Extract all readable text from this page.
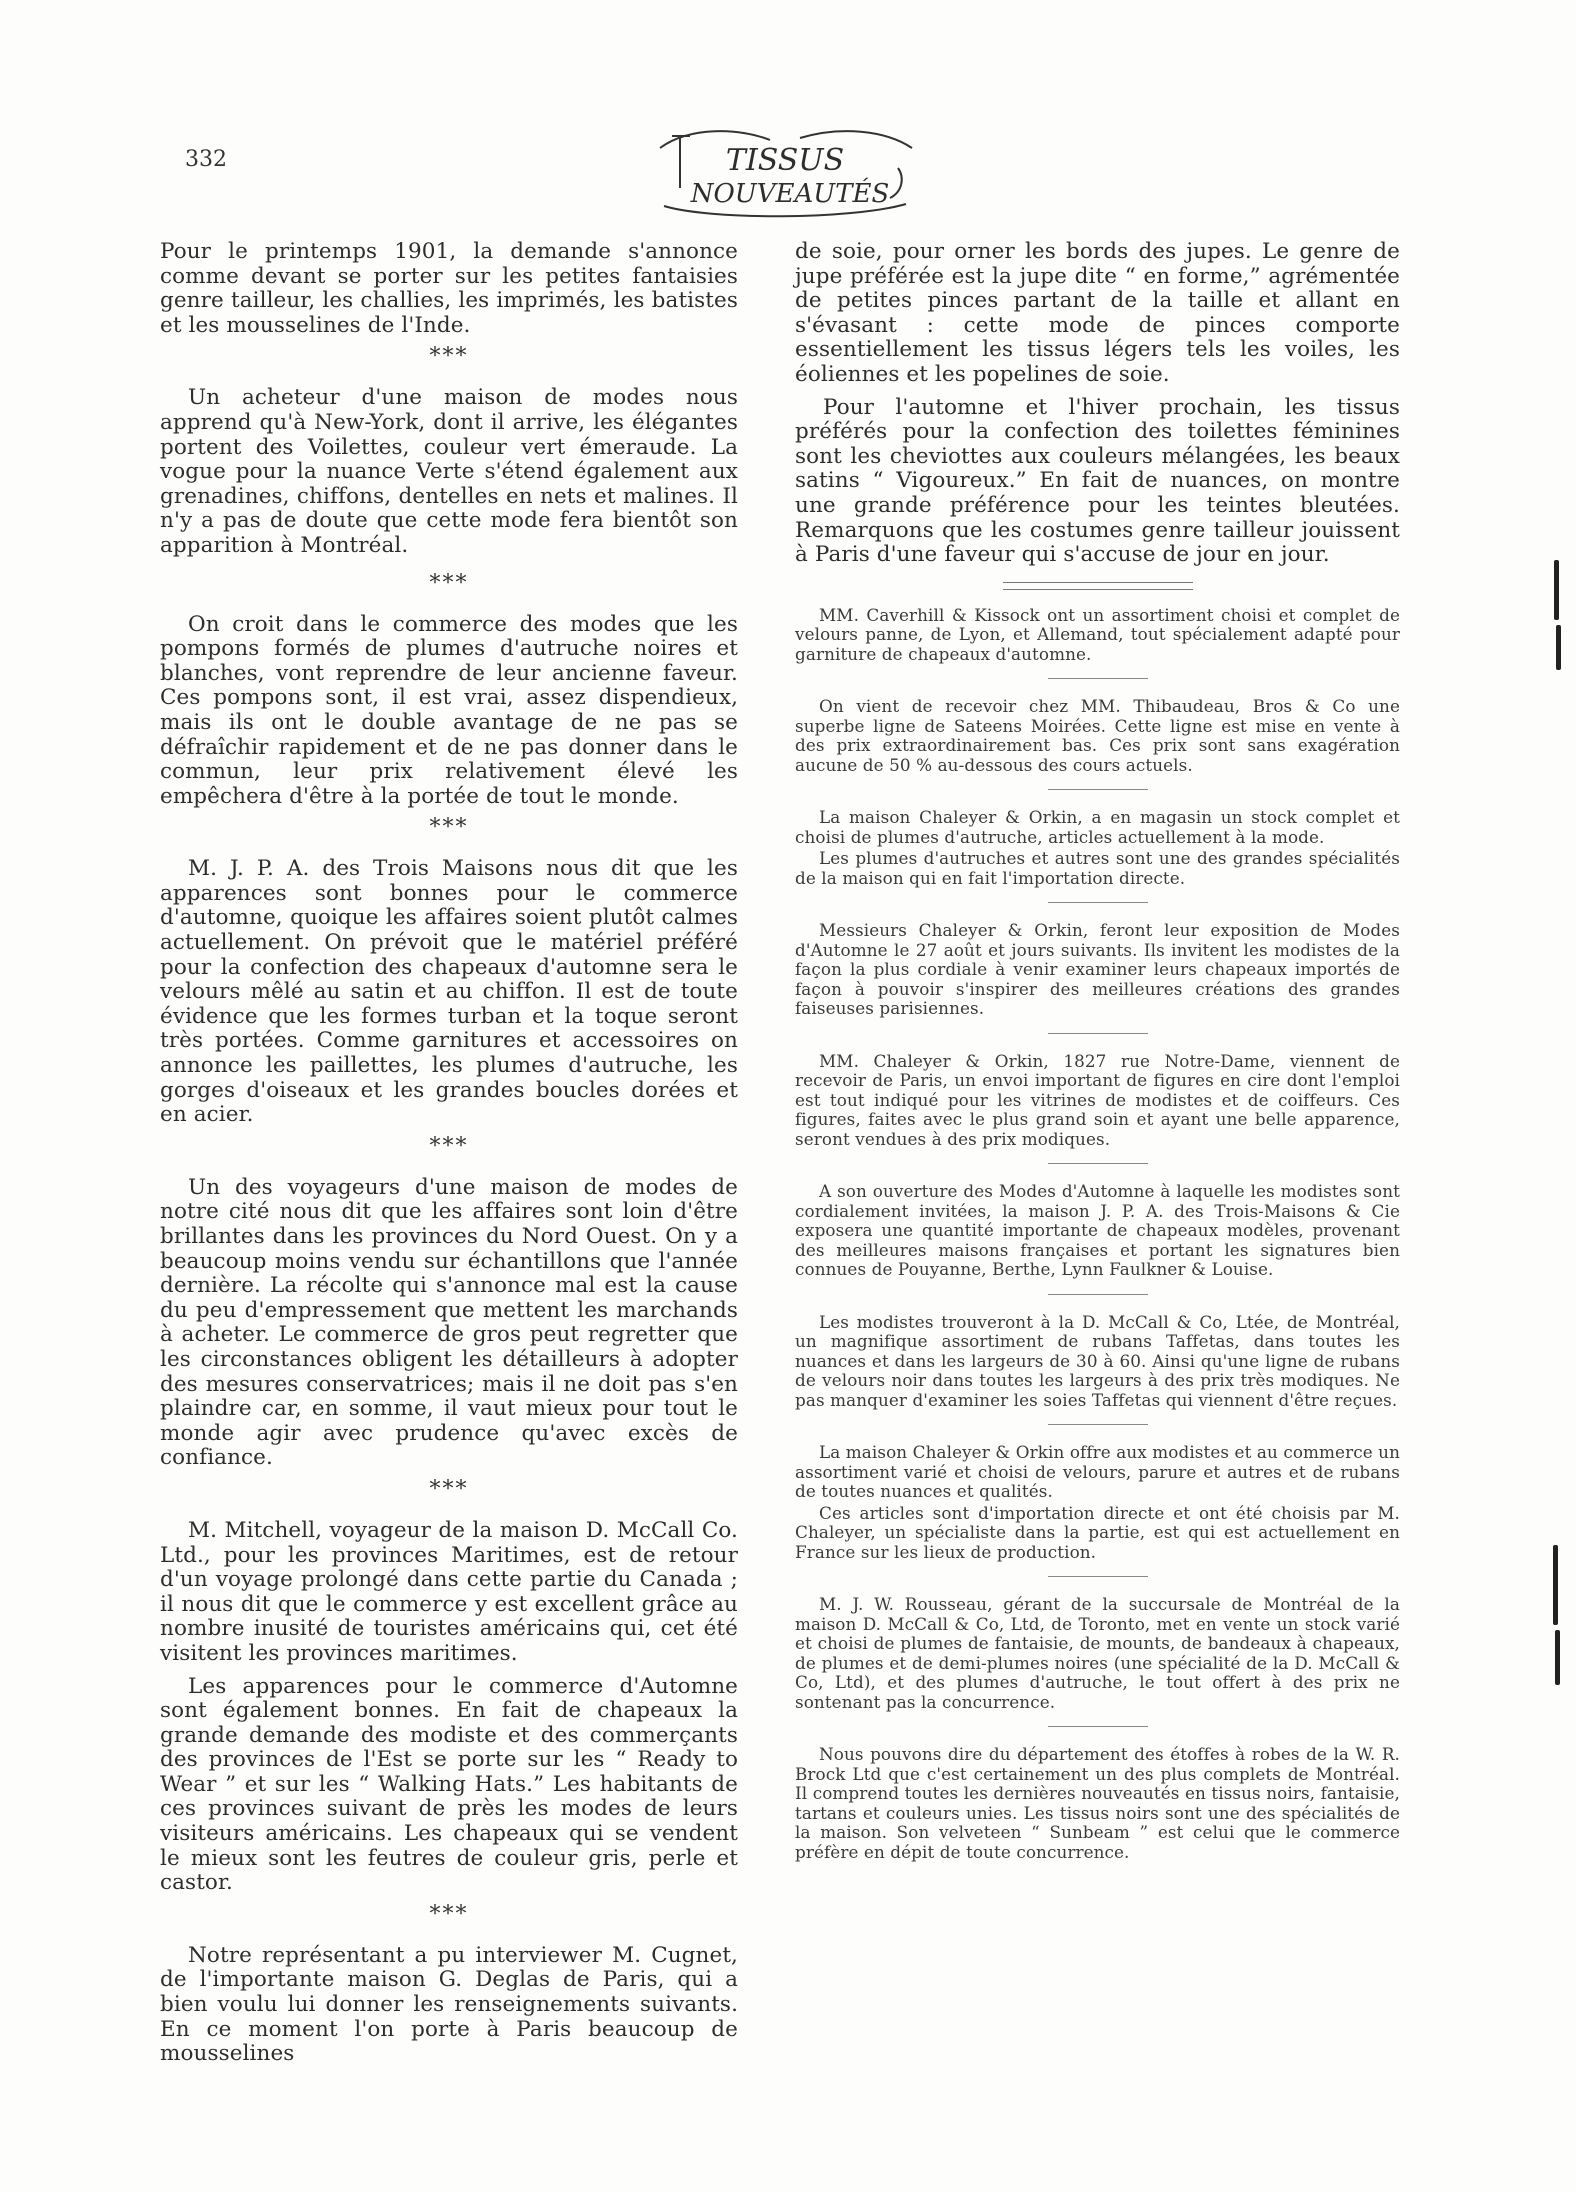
332	TISSUS
NOUVEAUTÉS

Pour le printemps 1901, la demande s'annonce comme devant se porter sur les petites fantaisies genre tailleur, les challies, les imprimés, les batistes et les mousselines de l'Inde.

***

Un acheteur d'une maison de modes nous apprend qu'à New-York, dont il arrive, les élégantes portent des Voilettes, couleur vert émeraude. La vogue pour la nuance Verte s'étend également aux grenadines, chiffons, dentelles en nets et malines. Il n'y a pas de doute que cette mode fera bientôt son apparition à Montréal.

***

On croit dans le commerce des modes que les pompons formés de plumes d'autruche noires et blanches, vont reprendre de leur ancienne faveur. Ces pompons sont, il est vrai, assez dispendieux, mais ils ont le double avantage de ne pas se défraîchir rapidement et de ne pas donner dans le commun, leur prix relativement élevé les empêchera d'être à la portée de tout le monde.

***

M. J. P. A. des Trois Maisons nous dit que les apparences sont bonnes pour le commerce d'automne, quoique les affaires soient plutôt calmes actuellement. On prévoit que le matériel préféré pour la confection des chapeaux d'automne sera le velours mêlé au satin et au chiffon. Il est de toute évidence que les formes turban et la toque seront très portées. Comme garnitures et accessoires on annonce les paillettes, les plumes d'autruche, les gorges d'oiseaux et les grandes boucles dorées et en acier.

***

Un des voyageurs d'une maison de modes de notre cité nous dit que les affaires sont loin d'être brillantes dans les provinces du Nord Ouest. On y a beaucoup moins vendu sur échantillons que l'année dernière. La récolte qui s'annonce mal est la cause du peu d'empressement que mettent les marchands à acheter. Le commerce de gros peut regretter que les circonstances obligent les détailleurs à adopter des mesures conservatrices; mais il ne doit pas s'en plaindre car, en somme, il vaut mieux pour tout le monde agir avec prudence qu'avec excès de confiance.

***

M. Mitchell, voyageur de la maison D. McCall Co. Ltd., pour les provinces Maritimes, est de retour d'un voyage prolongé dans cette partie du Canada ; il nous dit que le commerce y est excellent grâce au nombre inusité de touristes américains qui, cet été visitent les provinces maritimes.

Les apparences pour le commerce d'Automne sont également bonnes. En fait de chapeaux la grande demande des modiste et des commerçants des provinces de l'Est se porte sur les “ Ready to Wear ” et sur les “ Walking Hats.” Les habitants de ces provinces suivant de près les modes de leurs visiteurs américains. Les chapeaux qui se vendent le mieux sont les feutres de couleur gris, perle et castor.

***

Notre représentant a pu interviewer M. Cugnet, de l'importante maison G. Deglas de Paris, qui a bien voulu lui donner les renseignements suivants. En ce moment l'on porte à Paris beaucoup de mousselines

de soie, pour orner les bords des jupes. Le genre de jupe préférée est la jupe dite “ en forme,” agrémentée de petites pinces partant de la taille et allant en s'évasant : cette mode de pinces comporte essentiellement les tissus légers tels les voiles, les éoliennes et les popelines de soie.

Pour l'automne et l'hiver prochain, les tissus préférés pour la confection des toilettes féminines sont les cheviottes aux couleurs mélangées, les beaux satins “ Vigoureux.” En fait de nuances, on montre une grande préférence pour les teintes bleutées. Remarquons que les costumes genre tailleur jouissent à Paris d'une faveur qui s'accuse de jour en jour.

MM. Caverhill & Kissock ont un assortiment choisi et complet de velours panne, de Lyon, et Allemand, tout spécialement adapté pour garniture de chapeaux d'automne.

On vient de recevoir chez MM. Thibaudeau, Bros & Co une superbe ligne de Sateens Moirées. Cette ligne est mise en vente à des prix extraordinairement bas. Ces prix sont sans exagération aucune de 50 % au-dessous des cours actuels.

La maison Chaleyer & Orkin, a en magasin un stock complet et choisi de plumes d'autruche, articles actuellement à la mode.

Les plumes d'autruches et autres sont une des grandes spécialités de la maison qui en fait l'importation directe.

Messieurs Chaleyer & Orkin, feront leur exposition de Modes d'Automne le 27 août et jours suivants. Ils invitent les modistes de la façon la plus cordiale à venir examiner leurs chapeaux importés de façon à pouvoir s'inspirer des meilleures créations des grandes faiseuses parisiennes.

MM. Chaleyer & Orkin, 1827 rue Notre-Dame, viennent de recevoir de Paris, un envoi important de figures en cire dont l'emploi est tout indiqué pour les vitrines de modistes et de coiffeurs. Ces figures, faites avec le plus grand soin et ayant une belle apparence, seront vendues à des prix modiques.

A son ouverture des Modes d'Automne à laquelle les modistes sont cordialement invitées, la maison J. P. A. des Trois-Maisons & Cie exposera une quantité importante de chapeaux modèles, provenant des meilleures maisons françaises et portant les signatures bien connues de Pouyanne, Berthe, Lynn Faulkner & Louise.

Les modistes trouveront à la D. McCall & Co, Ltée, de Montréal, un magnifique assortiment de rubans Taffetas, dans toutes les nuances et dans les largeurs de 30 à 60. Ainsi qu'une ligne de rubans de velours noir dans toutes les largeurs à des prix très modiques. Ne pas manquer d'examiner les soies Taffetas qui viennent d'être reçues.

La maison Chaleyer & Orkin offre aux modistes et au commerce un assortiment varié et choisi de velours, parure et autres et de rubans de toutes nuances et qualités.

Ces articles sont d'importation directe et ont été choisis par M. Chaleyer, un spécialiste dans la partie, est qui est actuellement en France sur les lieux de production.

M. J. W. Rousseau, gérant de la succursale de Montréal de la maison D. McCall & Co, Ltd, de Toronto, met en vente un stock varié et choisi de plumes de fantaisie, de mounts, de bandeaux à chapeaux, de plumes et de demi-plumes noires (une spécialité de la D. McCall & Co, Ltd), et des plumes d'autruche, le tout offert à des prix ne sontenant pas la concurrence.

Nous pouvons dire du département des étoffes à robes de la W. R. Brock Ltd que c'est certainement un des plus complets de Montréal. Il comprend toutes les dernières nouveautés en tissus noirs, fantaisie, tartans et couleurs unies. Les tissus noirs sont une des spécialités de la maison. Son velveteen “ Sunbeam ” est celui que le commerce préfère en dépit de toute concurrence.
